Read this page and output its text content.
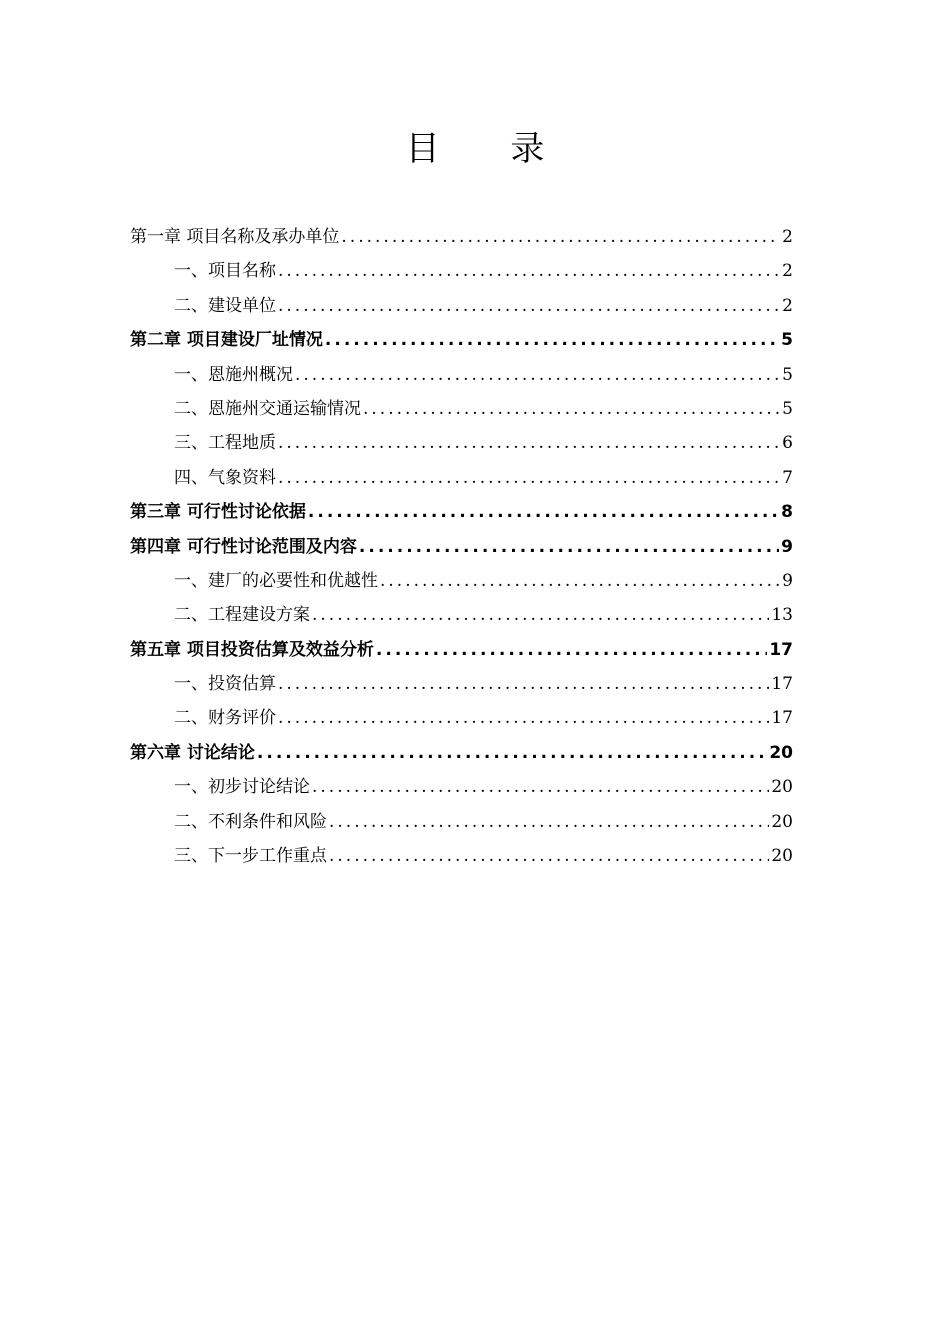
目 录
第一章 项目名称及承办单位 .....	2
一、项目名称 .....	2
二、建设单位 .....	2
第二章 项目建设厂址情况 .....	5
一、恩施州概况 .....	5
二、恩施州交通运输情况 .....	5
三、工程地质 .....	6
四、气象资料 .....	7
第三章 可行性讨论依据 .....	8
第四章 可行性讨论范围及内容 .....	9
一、建厂的必要性和优越性 .....	9
二、工程建设方案 .....	13
第五章 项目投资估算及效益分析 .....	17
一、投资估算 .....	17
二、财务评价 .....	17
第六章 讨论结论 .....	20
一、初步讨论结论 .....	20
二、不利条件和风险 .....	20
三、下一步工作重点 .....	20
